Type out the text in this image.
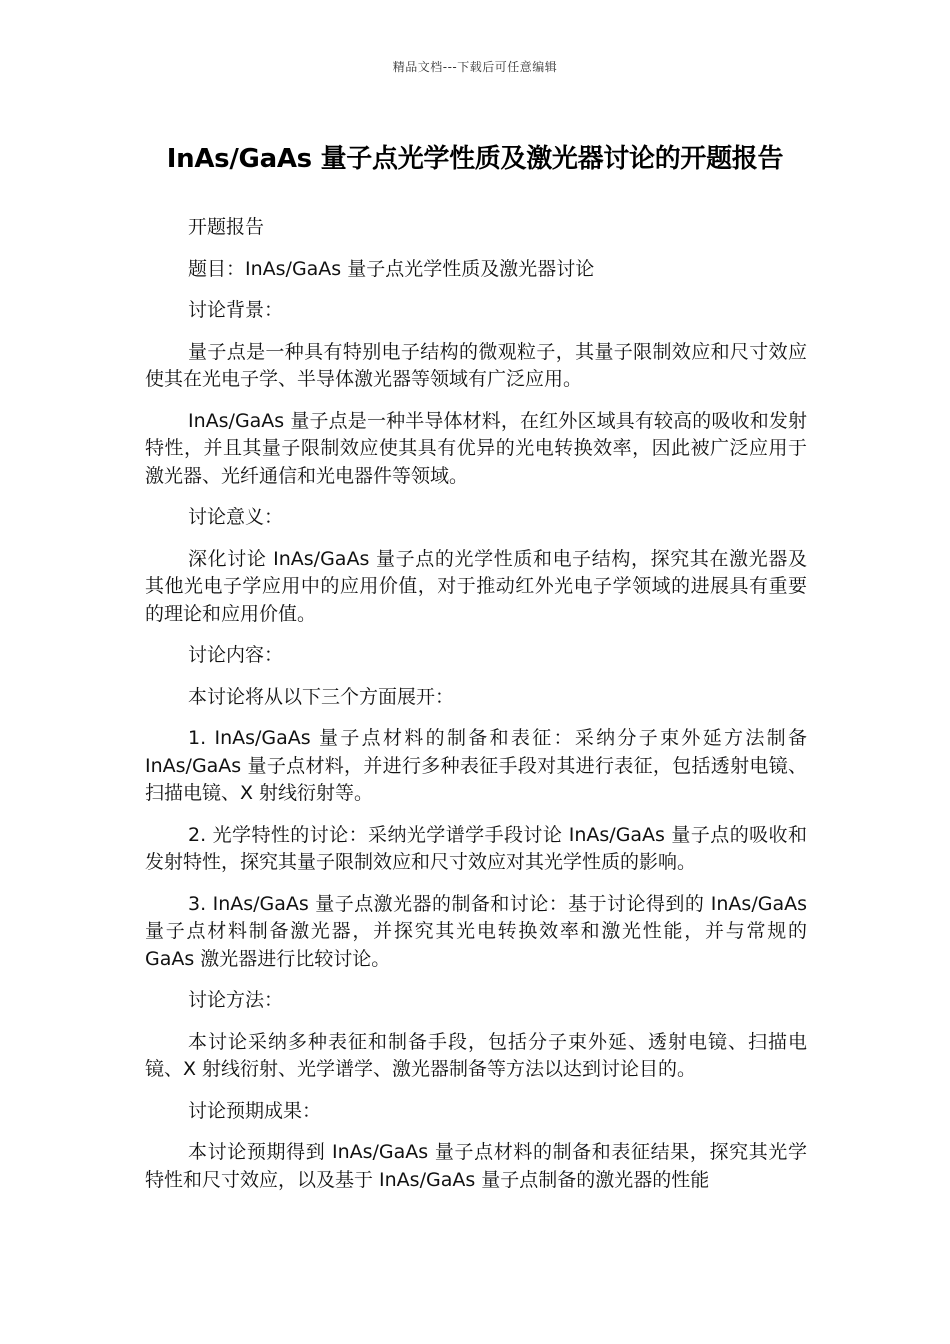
精品文档---下载后可任意编辑
InAs/GaAs 量子点光学性质及激光器讨论的开题报告

开题报告

题目：InAs/GaAs 量子点光学性质及激光器讨论

讨论背景：

量子点是一种具有特别电子结构的微观粒子，其量子限制效应和尺寸效应使其在光电子学、半导体激光器等领域有广泛应用。

InAs/GaAs 量子点是一种半导体材料，在红外区域具有较高的吸收和发射特性，并且其量子限制效应使其具有优异的光电转换效率，因此被广泛应用于激光器、光纤通信和光电器件等领域。

讨论意义：

深化讨论 InAs/GaAs 量子点的光学性质和电子结构，探究其在激光器及其他光电子学应用中的应用价值，对于推动红外光电子学领域的进展具有重要的理论和应用价值。

讨论内容：

本讨论将从以下三个方面展开：

1. InAs/GaAs 量子点材料的制备和表征：采纳分子束外延方法制备 InAs/GaAs 量子点材料，并进行多种表征手段对其进行表征，包括透射电镜、扫描电镜、X 射线衍射等。

2. 光学特性的讨论：采纳光学谱学手段讨论 InAs/GaAs 量子点的吸收和发射特性，探究其量子限制效应和尺寸效应对其光学性质的影响。

3. InAs/GaAs 量子点激光器的制备和讨论：基于讨论得到的 InAs/GaAs 量子点材料制备激光器，并探究其光电转换效率和激光性能，并与常规的 GaAs 激光器进行比较讨论。

讨论方法：

本讨论采纳多种表征和制备手段，包括分子束外延、透射电镜、扫描电镜、X 射线衍射、光学谱学、激光器制备等方法以达到讨论目的。

讨论预期成果：

本讨论预期得到 InAs/GaAs 量子点材料的制备和表征结果，探究其光学特性和尺寸效应，以及基于 InAs/GaAs 量子点制备的激光器的性能
